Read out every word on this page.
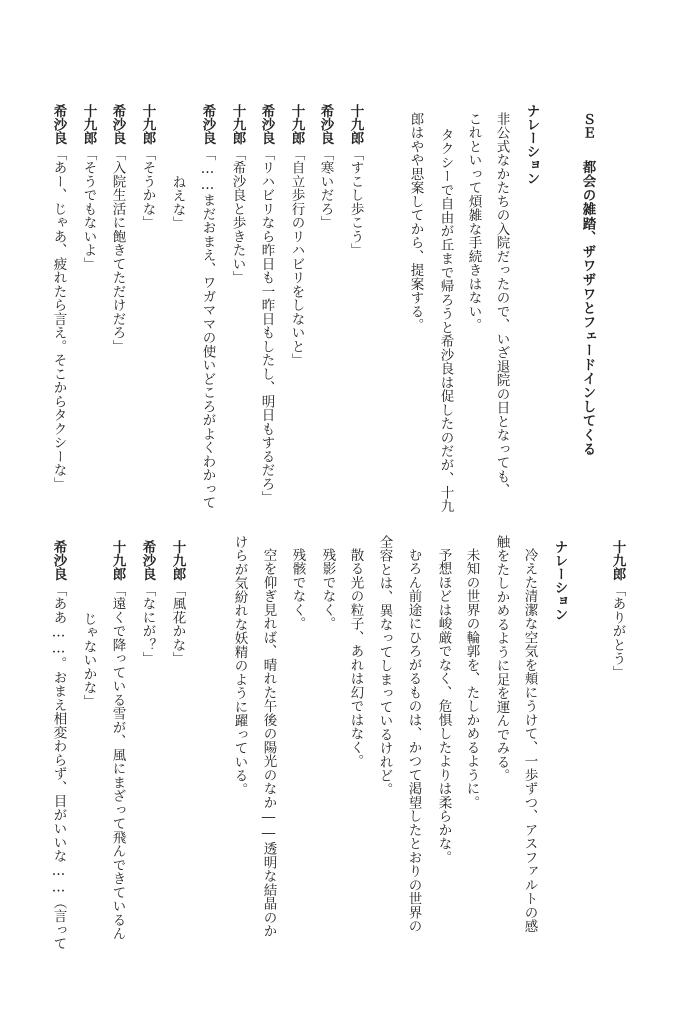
ＳＥ
都会の雑踏、ザワザワとフェードインしてくる
ナレーション
非公式なかたちの入院だったので、いざ退院の日となっても、
これといって煩雑な手続きはない。
タクシーで自由が丘まで帰ろうと希沙良は促したのだが、十九
郎はやや思案してから、提案する。
十九郎
「すこし歩こう」
希沙良
「寒いだろ」
十九郎
「自立歩行のリハビリをしないと」
希沙良
「リハビリなら昨日も一昨日もしたし、明日もするだろ」
十九郎
「希沙良と歩きたい」
希沙良
「……まだおまえ、ワガママの使いどころがよくわかって
ねえな」
十九郎
「そうかな」
希沙良
「入院生活に飽きてただけだろ」
十九郎
「そうでもないよ」
希沙良
「あー、じゃあ、疲れたら言え。そこからタクシーな」
十九郎
「ありがとう」
ナレーション
冷えた清潔な空気を頬にうけて、一歩ずつ、アスファルトの感
触をたしかめるように足を運んでみる。
未知の世界の輪郭を、たしかめるように。
予想ほどは峻厳でなく、危惧したよりは柔らかな。
むろん前途にひろがるものは、かつて渇望したとおりの世界の
全容とは、異なってしまっているけれど。
散る光の粒子、あれは幻ではなく。
残影でなく。
残骸でなく。
空を仰ぎ見れば、晴れた午後の陽光のなか――透明な結晶のか
けらが気紛れな妖精のように躍っている。
十九郎
「風花かな」
希沙良
「なにが？」
十九郎
「遠くで降っている雪が、風にまざって飛んできているん
じゃないかな」
希沙良
「ああ……。おまえ相変わらず、目がいいな……（言って
